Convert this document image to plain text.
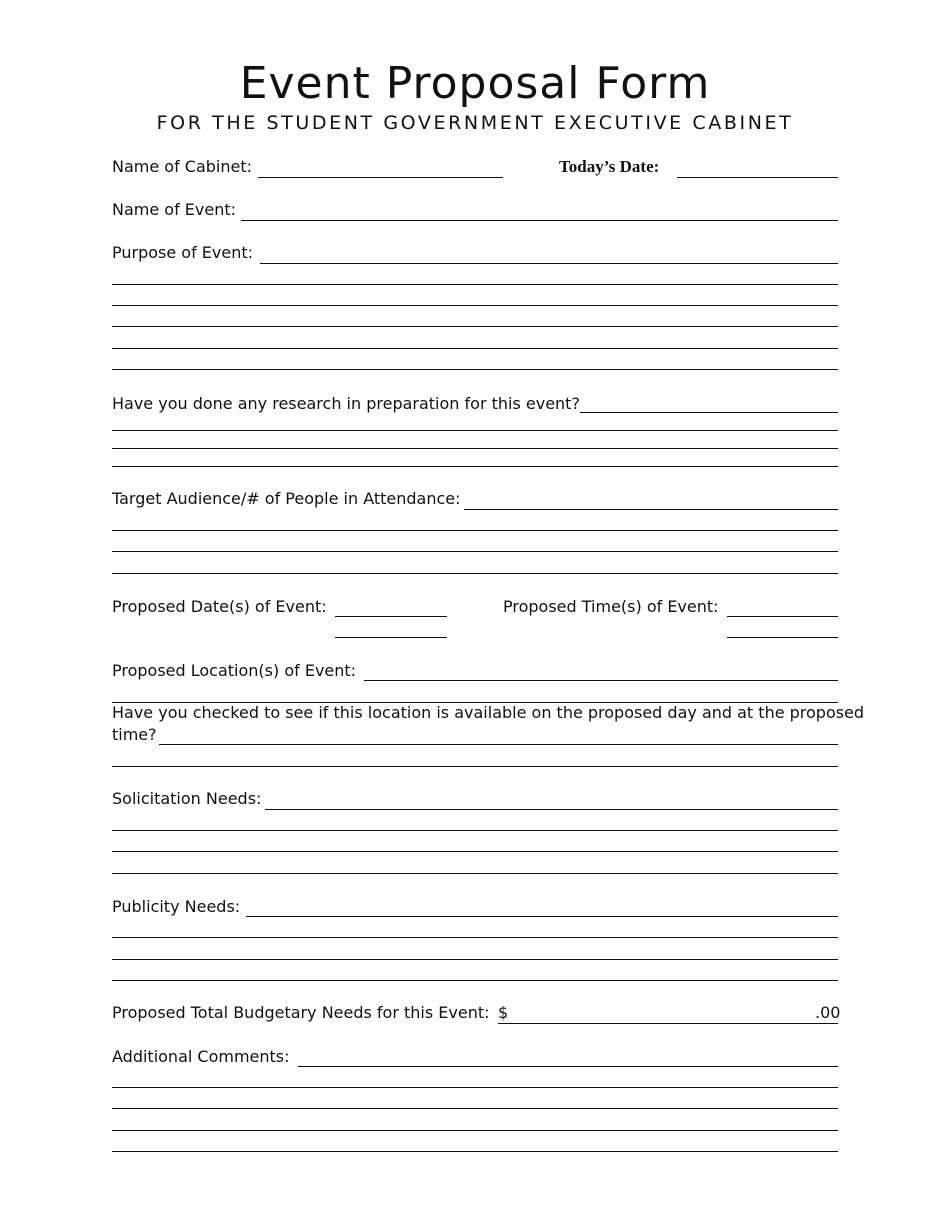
Event Proposal Form
FOR THE STUDENT GOVERNMENT EXECUTIVE CABINET
Name of Cabinet:	Today’s Date:
Name of Event:
Purpose of Event:
Have you done any research in preparation for this event?
Target Audience/# of People in Attendance:
Proposed Date(s) of Event:	Proposed Time(s) of Event:
Proposed Location(s) of Event:
Have you checked to see if this location is available on the proposed day and at the proposed
time?
Solicitation Needs:
Publicity Needs:
Proposed Total Budgetary Needs for this Event: $	.00
Additional Comments:
